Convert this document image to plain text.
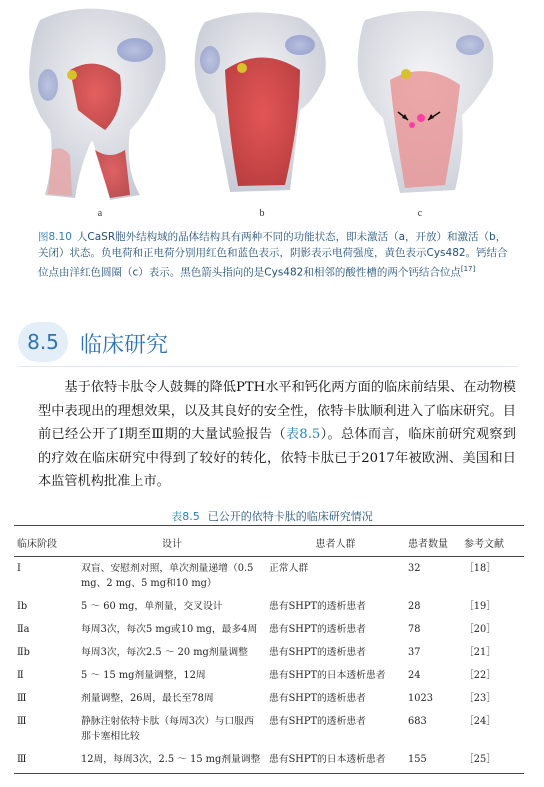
a	b	c
图8.10 人CaSR胞外结构域的晶体结构具有两种不同的功能状态，即未激活（a，开放）和激活（b，关闭）状态。负电荷和正电荷分别用红色和蓝色表示，阴影表示电荷强度，黄色表示Cys482。钙结合位点由洋红色圆圈（c）表示。黑色箭头指向的是Cys482和相邻的酸性槽的两个钙结合位点[17]
8.5 临床研究

基于依特卡肽令人鼓舞的降低PTH水平和钙化两方面的临床前结果、在动物模型中表现出的理想效果，以及其良好的安全性，依特卡肽顺利进入了临床研究。目前已经公开了Ⅰ期至Ⅲ期的大量试验报告（表8.5）。总体而言，临床前研究观察到的疗效在临床研究中得到了较好的转化，依特卡肽已于2017年被欧洲、美国和日本监管机构批准上市。

表8.5 已公开的依特卡肽的临床研究情况
临床阶段	设计	患者人群	患者数量	参考文献
Ⅰ	双盲、安慰剂对照，单次剂量递增（0.5 mg、2 mg、5 mg和10 mg）	正常人群	32	［18］
Ⅰb	5 ～ 60 mg，单剂量，交叉设计	患有SHPT的透析患者	28	［19］
Ⅱa	每周3次，每次5 mg或10 mg，最多4周	患有SHPT的透析患者	78	［20］
Ⅱb	每周3次，每次2.5 ～ 20 mg剂量调整	患有SHPT的透析患者	37	［21］
Ⅱ	5 ～ 15 mg剂量调整，12周	患有SHPT的日本透析患者	24	［22］
Ⅲ	剂量调整，26周，最长至78周	患有SHPT的透析患者	1023	［23］
Ⅲ	静脉注射依特卡肽（每周3次）与口服西那卡塞相比较	患有SHPT的透析患者	683	［24］
Ⅲ	12周，每周3次，2.5 ～ 15 mg剂量调整	患有SHPT的日本透析患者	155	［25］
